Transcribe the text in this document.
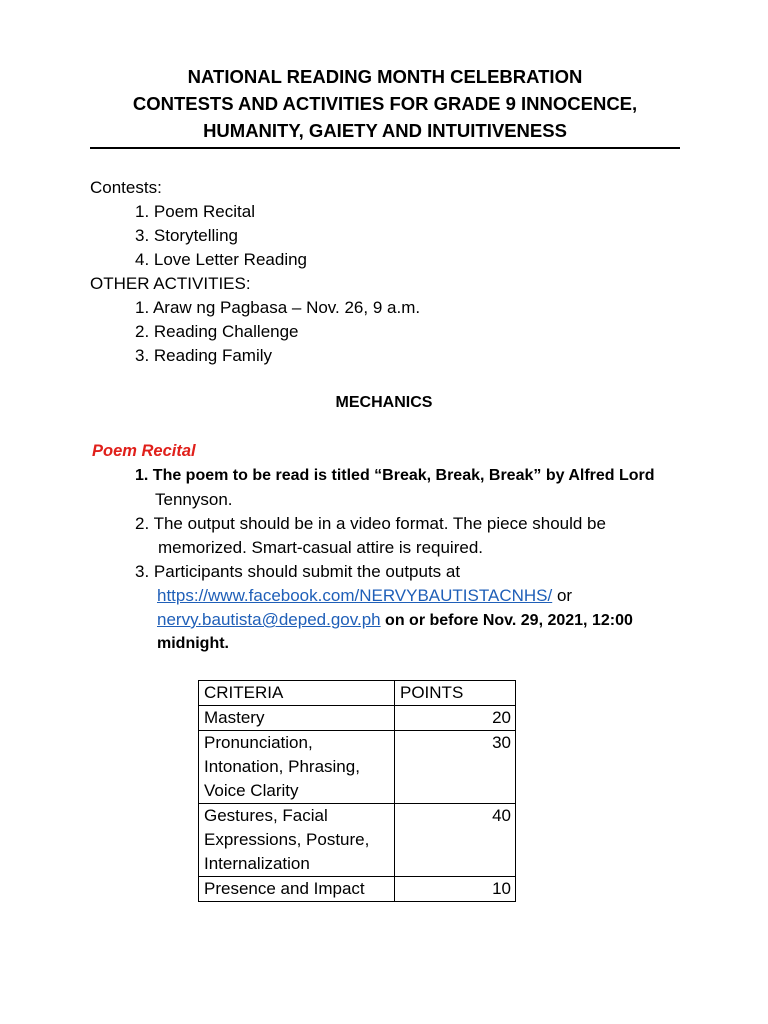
NATIONAL READING MONTH CELEBRATION
CONTESTS AND ACTIVITIES FOR GRADE 9 INNOCENCE,
HUMANITY, GAIETY AND INTUITIVENESS
Contests:
1. Poem Recital
3. Storytelling
4. Love Letter Reading
OTHER ACTIVITIES:
1. Araw ng Pagbasa – Nov. 26, 9 a.m.
2. Reading Challenge
3. Reading Family
MECHANICS
Poem Recital
1. The poem to be read is titled “Break, Break, Break” by Alfred Lord
Tennyson.
2. The output should be in a video format. The piece should be
memorized. Smart-casual attire is required.
3. Participants should submit the outputs at
https://www.facebook.com/NERVYBAUTISTACNHS/ or
nervy.bautista@deped.gov.ph on or before Nov. 29, 2021, 12:00
midnight.
CRITERIA	POINTS

Mastery	20

Pronunciation,
Intonation, Phrasing,
Voice Clarity	30

Gestures, Facial
Expressions, Posture,
Internalization	40

Presence and Impact	10
